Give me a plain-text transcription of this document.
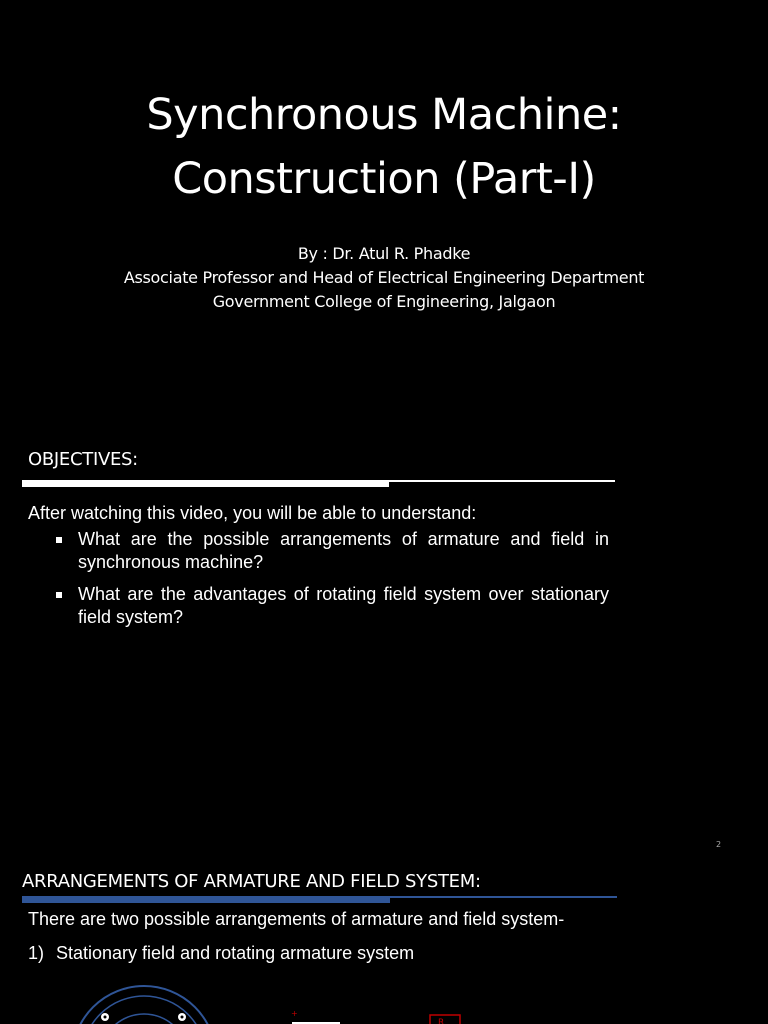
Synchronous Machine:
Construction (Part-I)
By : Dr. Atul R. Phadke
Associate Professor and Head of Electrical Engineering Department
Government College of Engineering, Jalgaon
OBJECTIVES:
After watching this video, you will be able to understand:
What are the possible arrangements of armature and field in synchronous machine?
What are the advantages of rotating field system over stationary field system?
2
ARRANGEMENTS OF ARMATURE AND FIELD SYSTEM:
There are two possible arrangements of armature and field system-
1) Stationary field and rotating armature system
+
R
